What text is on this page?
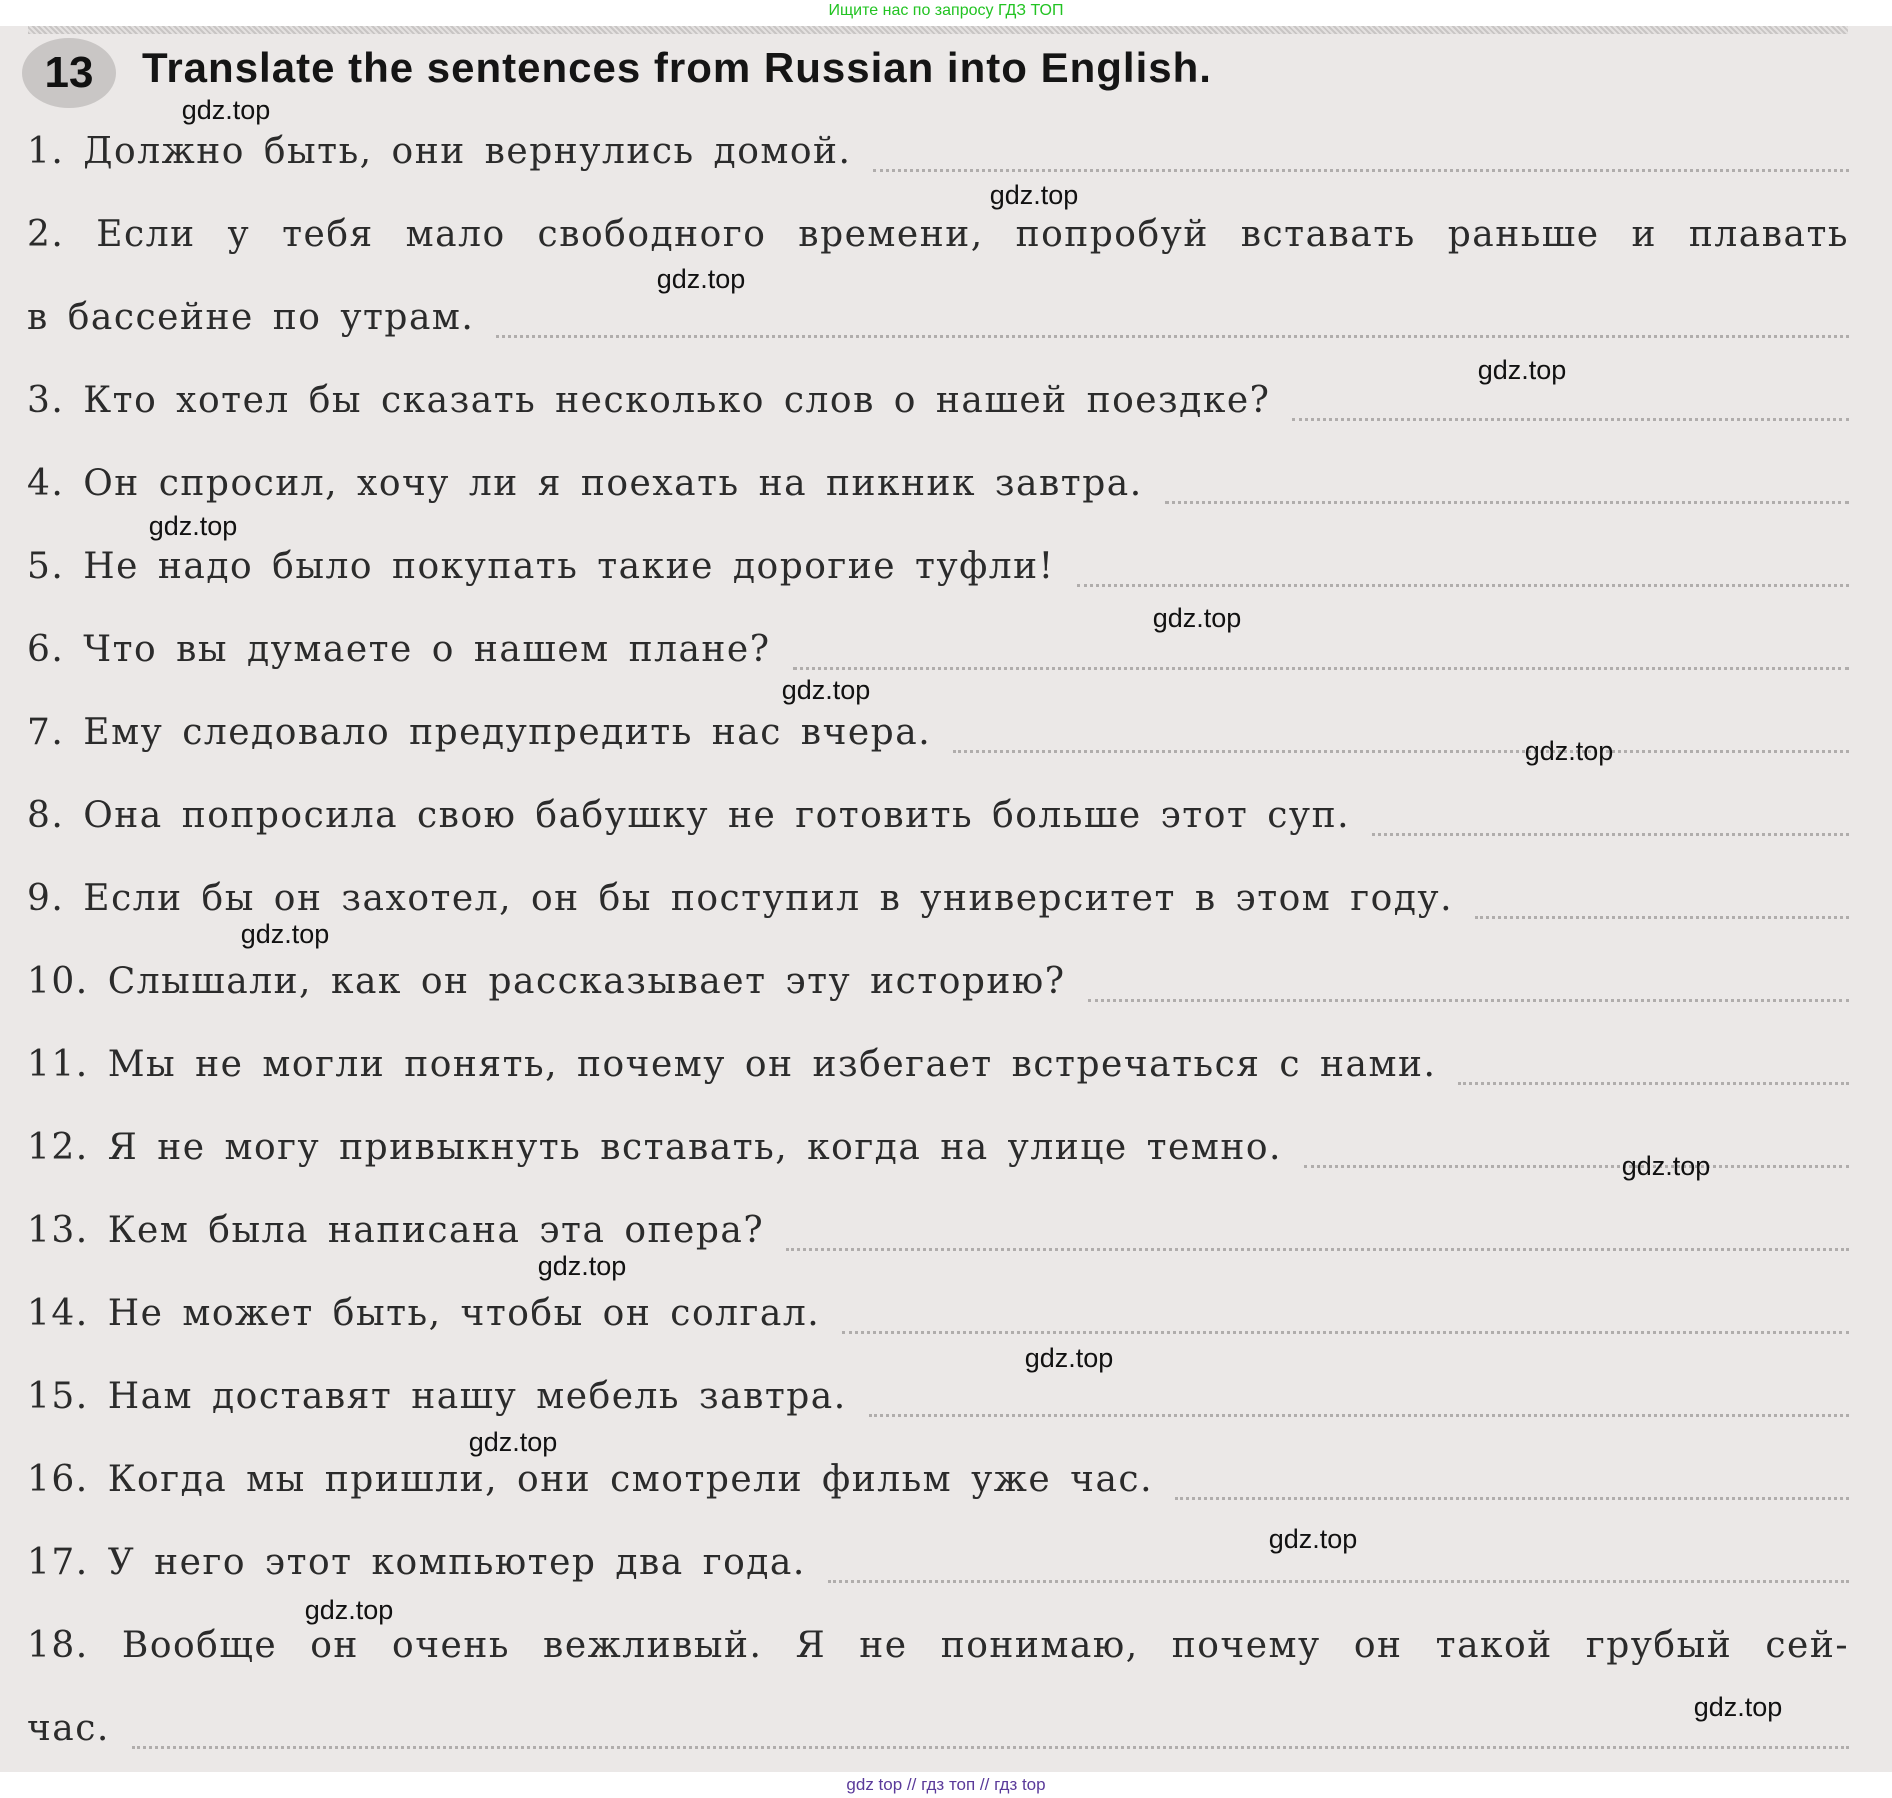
Ищите нас по запросу ГДЗ ТОП
13	Translate the sentences from Russian into English.
1. Должно быть, они вернулись домой.
2. Если у тебя мало свободного времени, попробуй вставать раньше и плавать
в бассейне по утрам.
3. Кто хотел бы сказать несколько слов о нашей поездке?
4. Он спросил, хочу ли я поехать на пикник завтра.
5. Не надо было покупать такие дорогие туфли!
6. Что вы думаете о нашем плане?
7. Ему следовало предупредить нас вчера.
8. Она попросила свою бабушку не готовить больше этот суп.
9. Если бы он захотел, он бы поступил в университет в этом году.
10. Слышали, как он рассказывает эту историю?
11. Мы не могли понять, почему он избегает встречаться с нами.
12. Я не могу привыкнуть вставать, когда на улице темно.
13. Кем была написана эта опера?
14. Не может быть, чтобы он солгал.
15. Нам доставят нашу мебель завтра.
16. Когда мы пришли, они смотрели фильм уже час.
17. У него этот компьютер два года.
18. Вообще он очень вежливый. Я не понимаю, почему он такой грубый сей-
час.
gdz.top
gdz.top
gdz.top
gdz.top
gdz.top
gdz.top
gdz.top
gdz.top
gdz.top
gdz.top
gdz.top
gdz.top
gdz.top
gdz.top
gdz.top
gdz.top
gdz top // гдз топ // гдз top
